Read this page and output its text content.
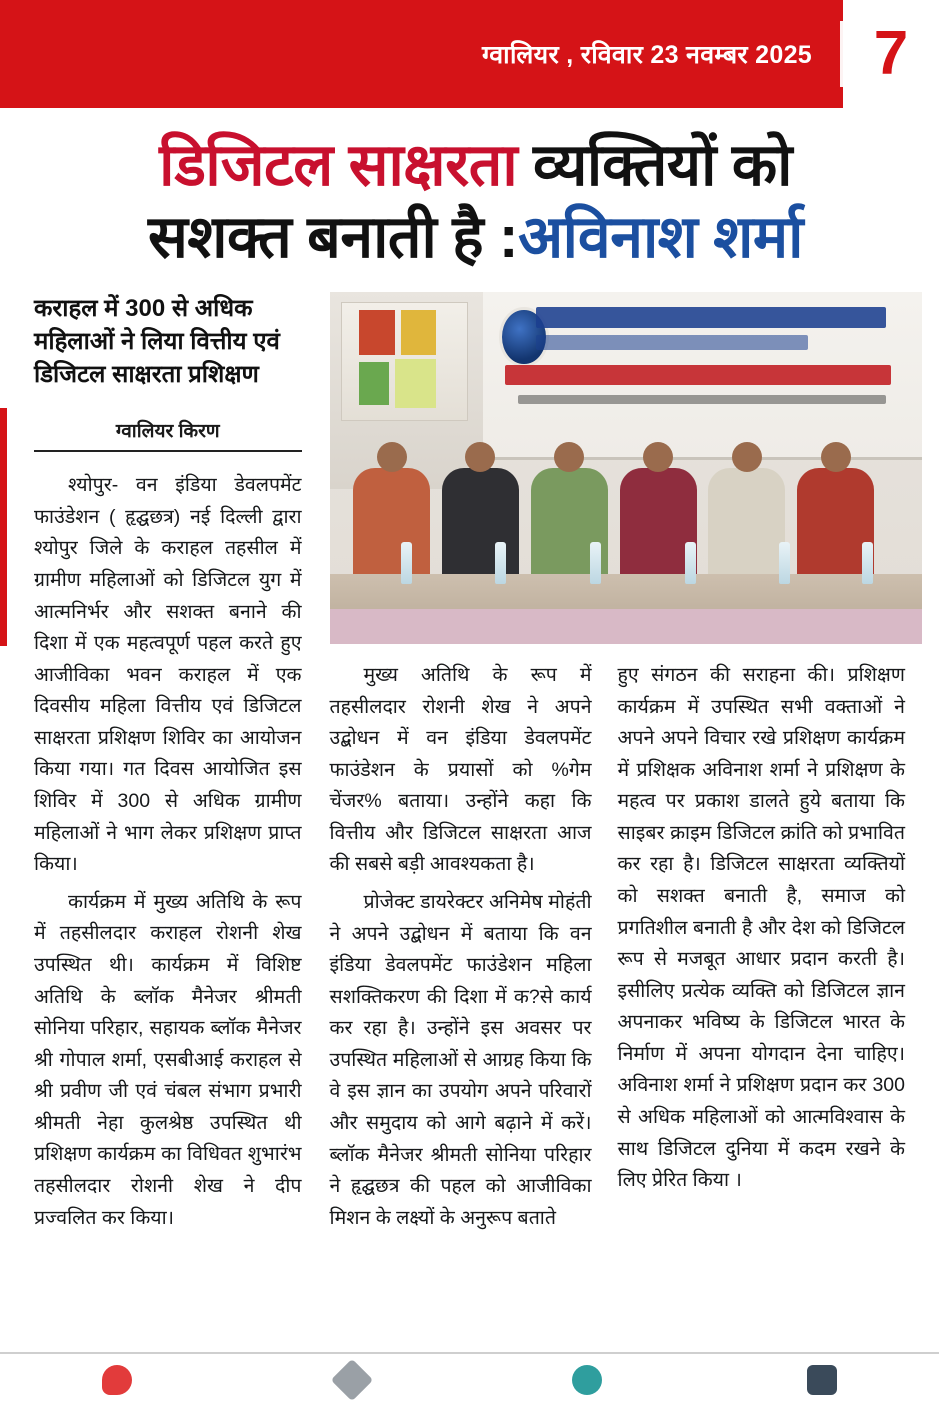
ग्वालियर , रविवार 23 नवम्बर 2025 7
डिजिटल साक्षरता व्यक्तियों को
सशक्त बनाती है :अविनाश शर्मा
कराहल में 300 से अधिक महिलाओं ने लिया वित्तीय एवं डिजिटल साक्षरता प्रशिक्षण
ग्वालियर किरण

श्योपुर- वन इंडिया डेवलपमेंट फाउंडेशन ( हृद्घछत्र) नई दिल्ली द्वारा श्योपुर जिले के कराहल तहसील में ग्रामीण महिलाओं को डिजिटल युग में आत्मनिर्भर और सशक्त बनाने की दिशा में एक महत्वपूर्ण पहल करते हुए आजीविका भवन कराहल में एक दिवसीय महिला वित्तीय एवं डिजिटल साक्षरता प्रशिक्षण शिविर का आयोजन किया गया। गत दिवस आयोजित इस शिविर में 300 से अधिक ग्रामीण महिलाओं ने भाग लेकर प्रशिक्षण प्राप्त किया।

कार्यक्रम में मुख्य अतिथि के रूप में तहसीलदार कराहल रोशनी शेख उपस्थित थी। कार्यक्रम में विशिष्ट अतिथि के ब्लॉक मैनेजर श्रीमती सोनिया परिहार, सहायक ब्लॉक मैनेजर श्री गोपाल शर्मा, एसबीआई कराहल से श्री प्रवीण जी एवं चंबल संभाग प्रभारी श्रीमती नेहा कुलश्रेष्ठ उपस्थित थी प्रशिक्षण कार्यक्रम का विधिवत शुभारंभ तहसीलदार रोशनी शेख ने दीप प्रज्वलित कर किया।

मुख्य अतिथि के रूप में तहसीलदार रोशनी शेख ने अपने उद्बोधन में वन इंडिया डेवलपमेंट फाउंडेशन के प्रयासों को %गेम चेंजर% बताया। उन्होंने कहा कि वित्तीय और डिजिटल साक्षरता आज की सबसे बड़ी आवश्यकता है।

प्रोजेक्ट डायरेक्टर अनिमेष मोहंती ने अपने उद्बोधन में बताया कि वन इंडिया डेवलपमेंट फाउंडेशन महिला सशक्तिकरण की दिशा में क?से कार्य कर रहा है। उन्होंने इस अवसर पर उपस्थित महिलाओं से आग्रह किया कि वे इस ज्ञान का उपयोग अपने परिवारों और समुदाय को आगे बढ़ाने में करें। ब्लॉक मैनेजर श्रीमती सोनिया परिहार ने हृद्घछत्र की पहल को आजीविका मिशन के लक्ष्यों के अनुरूप बताते

हुए संगठन की सराहना की। प्रशिक्षण कार्यक्रम में उपस्थित सभी वक्ताओं ने अपने अपने विचार रखे प्रशिक्षण कार्यक्रम में प्रशिक्षक अविनाश शर्मा ने प्रशिक्षण के महत्व पर प्रकाश डालते हुये बताया कि साइबर क्राइम डिजिटल क्रांति को प्रभावित कर रहा है। डिजिटल साक्षरता व्यक्तियों को सशक्त बनाती है, समाज को प्रगतिशील बनाती है और देश को डिजिटल रूप से मजबूत आधार प्रदान करती है। इसीलिए प्रत्येक व्यक्ति को डिजिटल ज्ञान अपनाकर भविष्य के डिजिटल भारत के निर्माण में अपना योगदान देना चाहिए। अविनाश शर्मा ने प्रशिक्षण प्रदान कर 300 से अधिक महिलाओं को आत्मविश्वास के साथ डिजिटल दुनिया में कदम रखने के लिए प्रेरित किया ।
